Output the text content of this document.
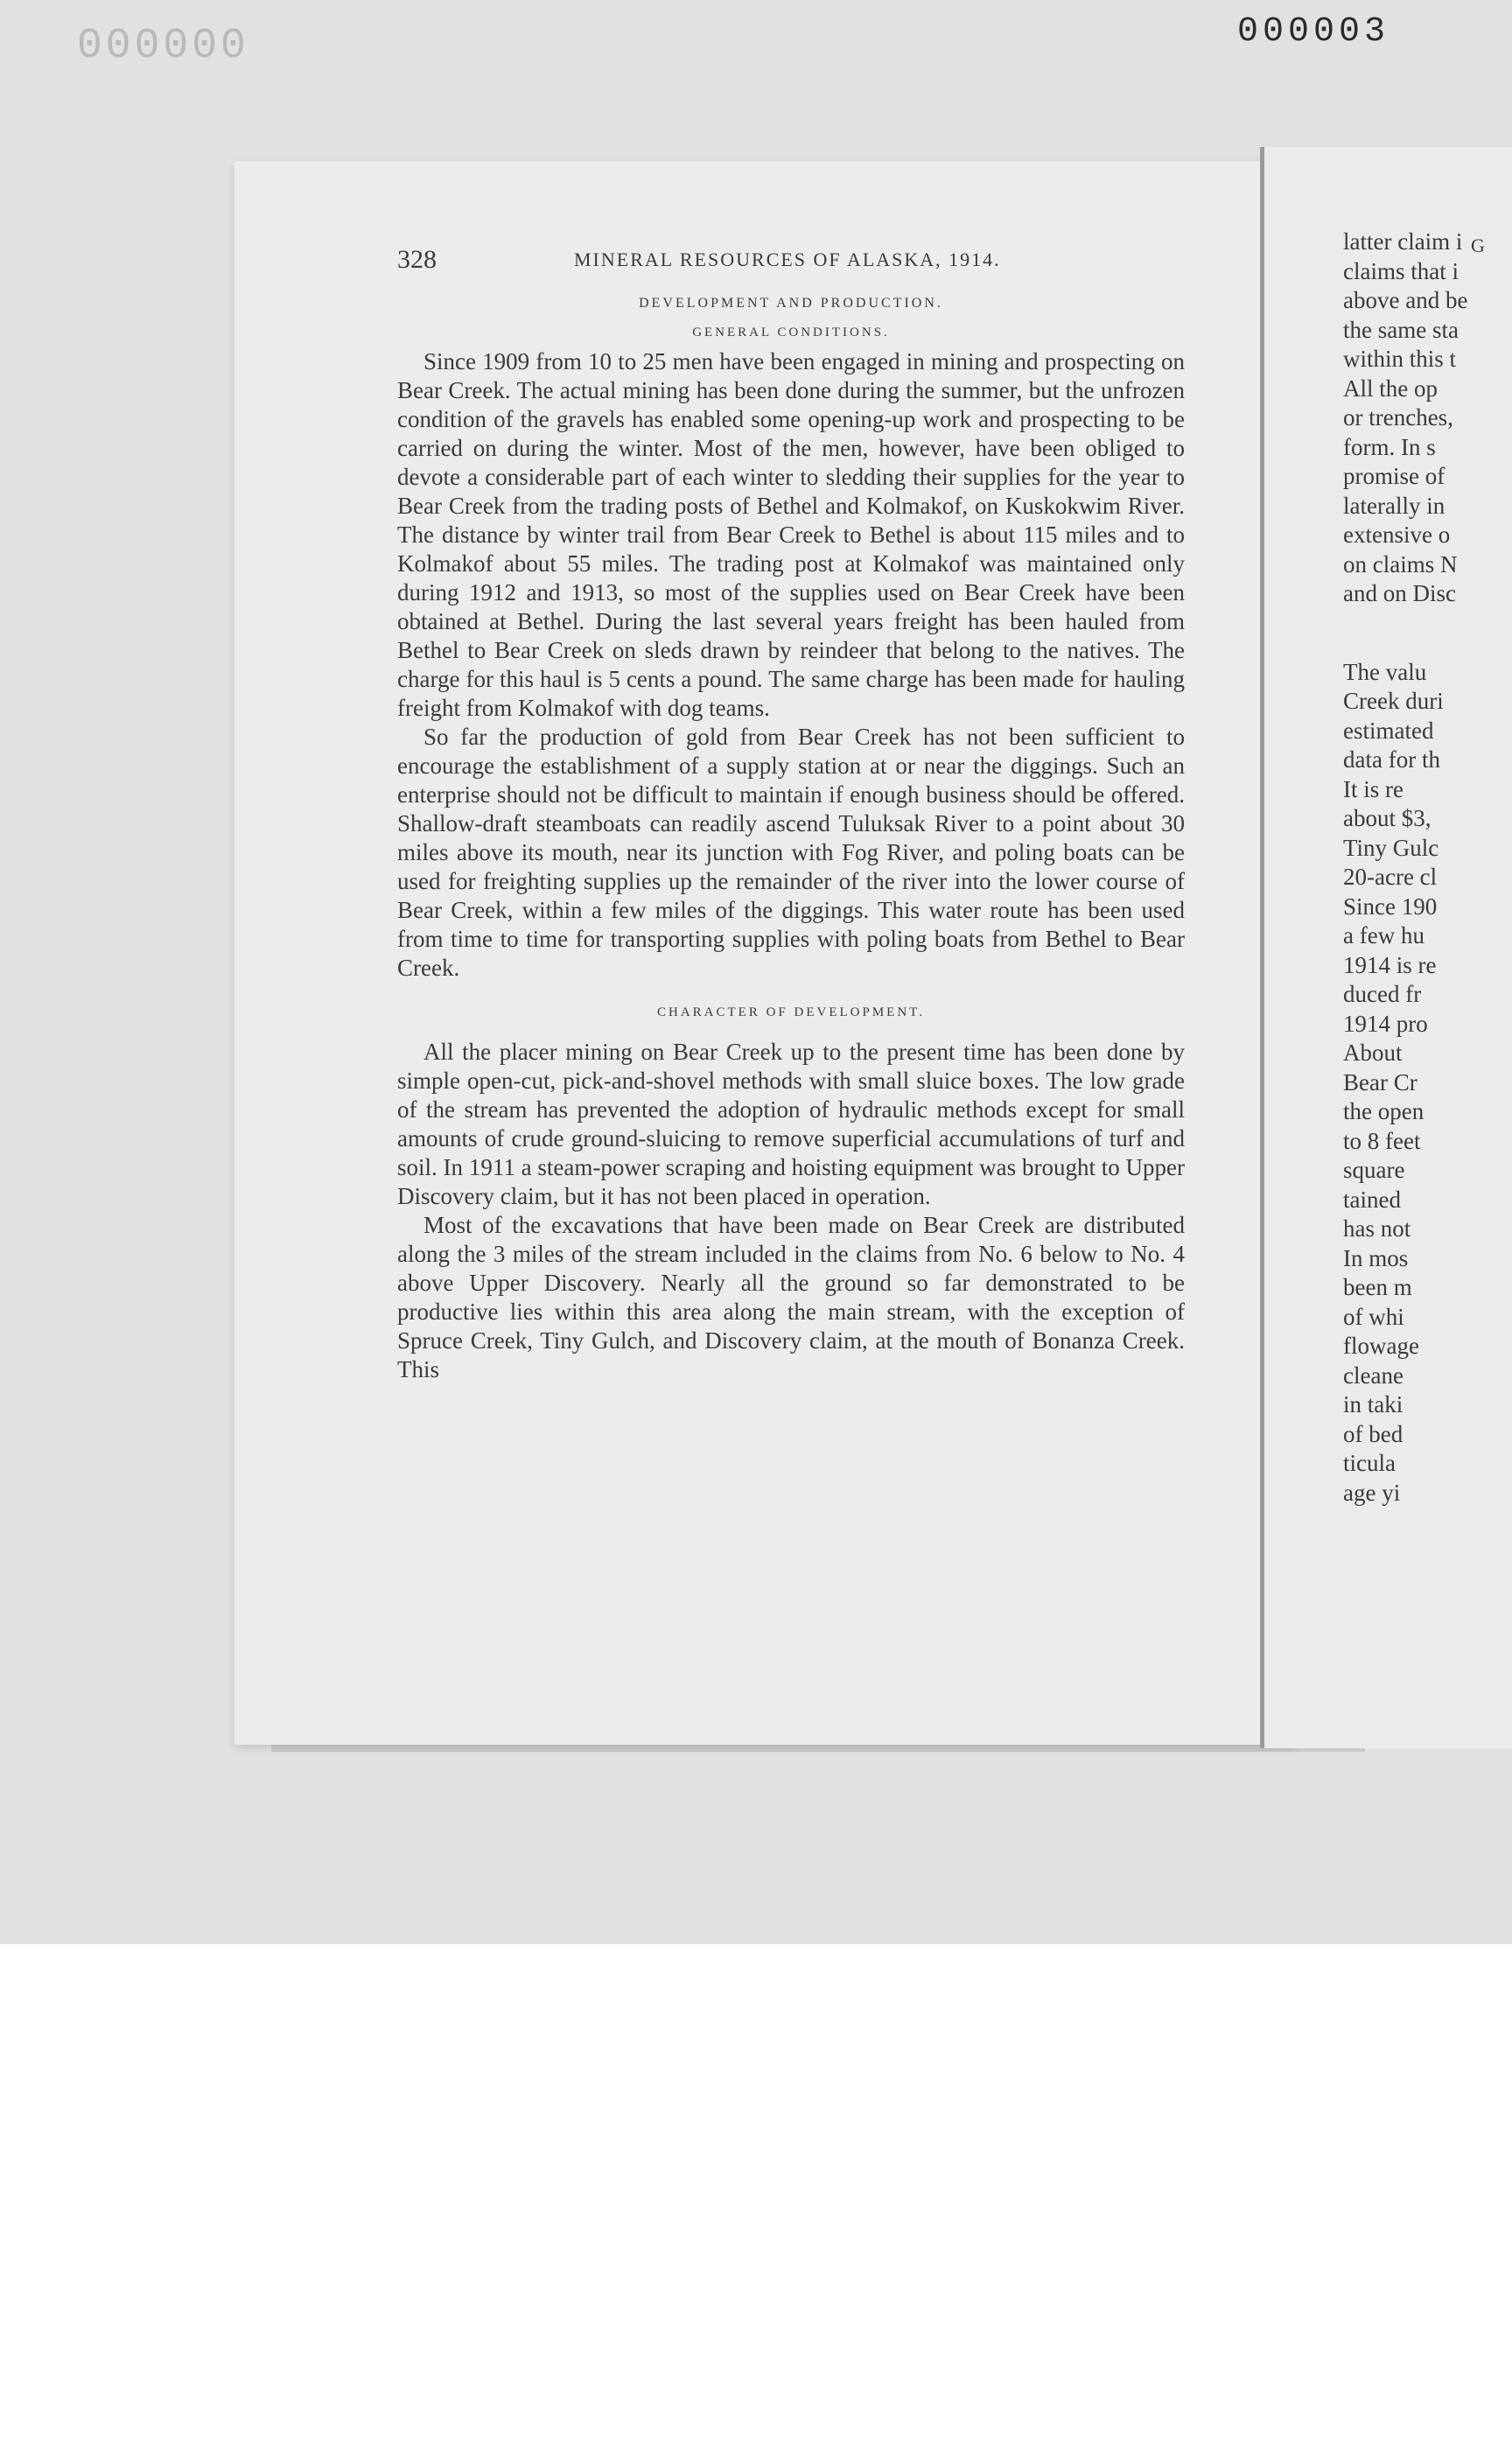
000000	000003
328	MINERAL RESOURCES OF ALASKA, 1914.

DEVELOPMENT AND PRODUCTION.

GENERAL CONDITIONS.

Since 1909 from 10 to 25 men have been engaged in mining and prospecting on Bear Creek. The actual mining has been done during the summer, but the unfrozen condition of the gravels has enabled some opening-up work and prospecting to be carried on during the winter. Most of the men, however, have been obliged to devote a considerable part of each winter to sledding their supplies for the year to Bear Creek from the trading posts of Bethel and Kolmakof, on Kuskokwim River. The distance by winter trail from Bear Creek to Bethel is about 115 miles and to Kolmakof about 55 miles. The trading post at Kolmakof was maintained only during 1912 and 1913, so most of the supplies used on Bear Creek have been obtained at Bethel. During the last several years freight has been hauled from Bethel to Bear Creek on sleds drawn by reindeer that belong to the natives. The charge for this haul is 5 cents a pound. The same charge has been made for hauling freight from Kolmakof with dog teams.

So far the production of gold from Bear Creek has not been sufficient to encourage the establishment of a supply station at or near the diggings. Such an enterprise should not be difficult to maintain if enough business should be offered. Shallow-draft steamboats can readily ascend Tuluksak River to a point about 30 miles above its mouth, near its junction with Fog River, and poling boats can be used for freighting supplies up the remainder of the river into the lower course of Bear Creek, within a few miles of the diggings. This water route has been used from time to time for transporting supplies with poling boats from Bethel to Bear Creek.

CHARACTER OF DEVELOPMENT.

All the placer mining on Bear Creek up to the present time has been done by simple open-cut, pick-and-shovel methods with small sluice boxes. The low grade of the stream has prevented the adoption of hydraulic methods except for small amounts of crude ground-sluicing to remove superficial accumulations of turf and soil. In 1911 a steam-power scraping and hoisting equipment was brought to Upper Discovery claim, but it has not been placed in operation.

Most of the excavations that have been made on Bear Creek are distributed along the 3 miles of the stream included in the claims from No. 6 below to No. 4 above Upper Discovery. Nearly all the ground so far demonstrated to be productive lies within this area along the main stream, with the exception of Spruce Creek, Tiny Gulch, and Discovery claim, at the mouth of Bonanza Creek. This

G

latter claim i

claims that i

above and be

the same sta

within this t

All the op

or trenches,

form. In s

promise of

laterally in

extensive o

on claims N

and on Disc

The valu

Creek duri

estimated

data for th

It is re

about $3,

Tiny Gulc

20-acre cl

Since 190

a few hu

1914 is re

duced fr

1914 pro

About

Bear Cr

the open

to 8 feet

square

tained

has not

In mos

been m

of whi

flowage

cleane

in taki

of bed

ticula

age yi
